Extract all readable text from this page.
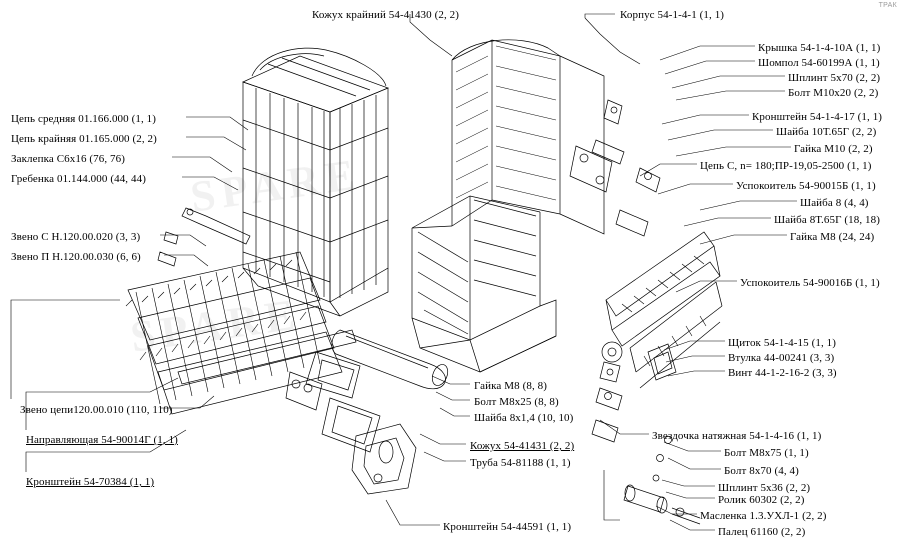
SPARE
SPARE
Кожух крайний 54-41430 (2, 2)	Корпус 54-1-4-1 (1, 1)
Крышка 54-1-4-10А (1, 1)
Шомпол 54-60199А (1, 1)
Шплинт 5х70 (2, 2)
Болт М10х20 (2, 2)
Кронштейн 54-1-4-17 (1, 1)
Шайба 10Т.65Г (2, 2)
Гайка М10 (2, 2)
Цепь С, n= 180;ПР-19,05-2500 (1, 1)
Успокоитель 54-90015Б (1, 1)
Шайба 8 (4, 4)
Шайба 8Т.65Г (18, 18)
Гайка М8 (24, 24)
Успокоитель 54-90016Б (1, 1)
Щиток 54-1-4-15 (1, 1)
Втулка 44-00241 (3, 3)
Винт 44-1-2-16-2 (3, 3)
Звездочка натяжная 54-1-4-16 (1, 1)
Болт М8х75 (1, 1)
Болт 8х70 (4, 4)
Шплинт 5х36 (2, 2)
Ролик 60302 (2, 2)
Масленка 1.3.УХЛ-1 (2, 2)
Палец 61160 (2, 2)
Цепь средняя 01.166.000 (1, 1)
Цепь крайняя 01.165.000 (2, 2)
Заклепка С6х16 (76, 76)
Гребенка 01.144.000 (44, 44)
Звено С Н.120.00.020 (3, 3)
Звено П Н.120.00.030 (6, 6)
Звено цепи120.00.010 (110, 110)
Направляющая 54-90014Г (1, 1)
Кронштейн 54-70384 (1, 1)
Гайка М8 (8, 8)
Болт М8х25 (8, 8)
Шайба 8х1,4 (10, 10)
Кожух 54-41431 (2, 2)
Труба 54-81188 (1, 1)
Кронштейн 54-44591 (1, 1)
ТРАК
